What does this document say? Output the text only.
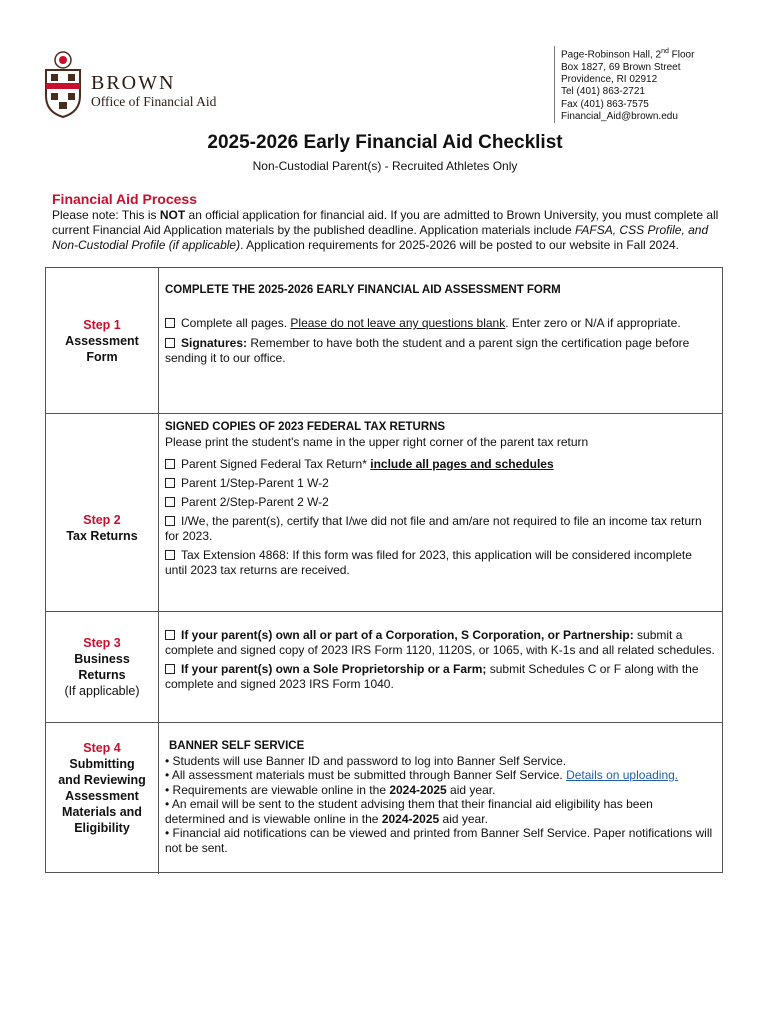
BROWN
Office of Financial Aid
Page-Robinson Hall, 2nd Floor
Box 1827, 69 Brown Street
Providence, RI 02912
Tel (401) 863-2721
Fax (401) 863-7575
Financial_Aid@brown.edu
2025-2026 Early Financial Aid Checklist
Non-Custodial Parent(s) - Recruited Athletes Only
Financial Aid Process
Please note: This is NOT an official application for financial aid. If you are admitted to Brown University, you must complete all current Financial Aid Application materials by the published deadline. Application materials include FAFSA, CSS Profile, and Non-Custodial Profile (if applicable). Application requirements for 2025-2026 will be posted to our website in Fall 2024.
Step 1
Assessment
Form

COMPLETE THE 2025-2026 EARLY FINANCIAL AID ASSESSMENT FORM

Complete all pages. Please do not leave any questions blank. Enter zero or N/A if appropriate.

Signatures: Remember to have both the student and a parent sign the certification page before sending it to our office.

Step 2
Tax Returns

SIGNED COPIES OF 2023 FEDERAL TAX RETURNS

Please print the student's name in the upper right corner of the parent tax return

Parent Signed Federal Tax Return* include all pages and schedules

Parent 1/Step-Parent 1 W-2

Parent 2/Step-Parent 2 W-2

I/We, the parent(s), certify that I/we did not file and am/are not required to file an income tax return for 2023.

Tax Extension 4868: If this form was filed for 2023, this application will be considered incomplete until 2023 tax returns are received.

Step 3
Business
Returns
(If applicable)

If your parent(s) own all or part of a Corporation, S Corporation, or Partnership: submit a complete and signed copy of 2023 IRS Form 1120, 1120S, or 1065, with K-1s and all related schedules.

If your parent(s) own a Sole Proprietorship or a Farm; submit Schedules C or F along with the complete and signed 2023 IRS Form 1040.

Step 4
Submitting
and Reviewing
Assessment
Materials and
Eligibility

BANNER SELF SERVICE

• Students will use Banner ID and password to log into Banner Self Service.

• All assessment materials must be submitted through Banner Self Service. Details on uploading.

• Requirements are viewable online in the 2024-2025 aid year.

• An email will be sent to the student advising them that their financial aid eligibility has been determined and is viewable online in the 2024-2025 aid year.

• Financial aid notifications can be viewed and printed from Banner Self Service. Paper notifications will not be sent.
